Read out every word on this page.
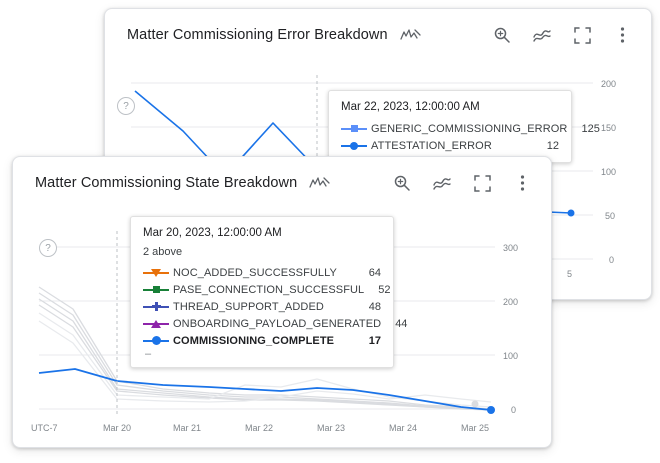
Matter Commissioning Error Breakdown
200
150
100
50
0
5
?	Mar 22, 2023, 12:00:00 AM
GENERIC_COMMISSIONING_ERROR	125
ATTESTATION_ERROR	12
Matter Commissioning State Breakdown
300
200
100
0
UTC-7	Mar 20	Mar 21	Mar 22	Mar 23	Mar 24	Mar 25
?
Mar 20, 2023, 12:00:00 AM
2 above
NOC_ADDED_SUCCESSFULLY	64
PASE_CONNECTION_SUCCESSFUL	52
THREAD_SUPPORT_ADDED	48
ONBOARDING_PAYLOAD_GENERATED	44
COMMISSIONING_COMPLETE	17
–
